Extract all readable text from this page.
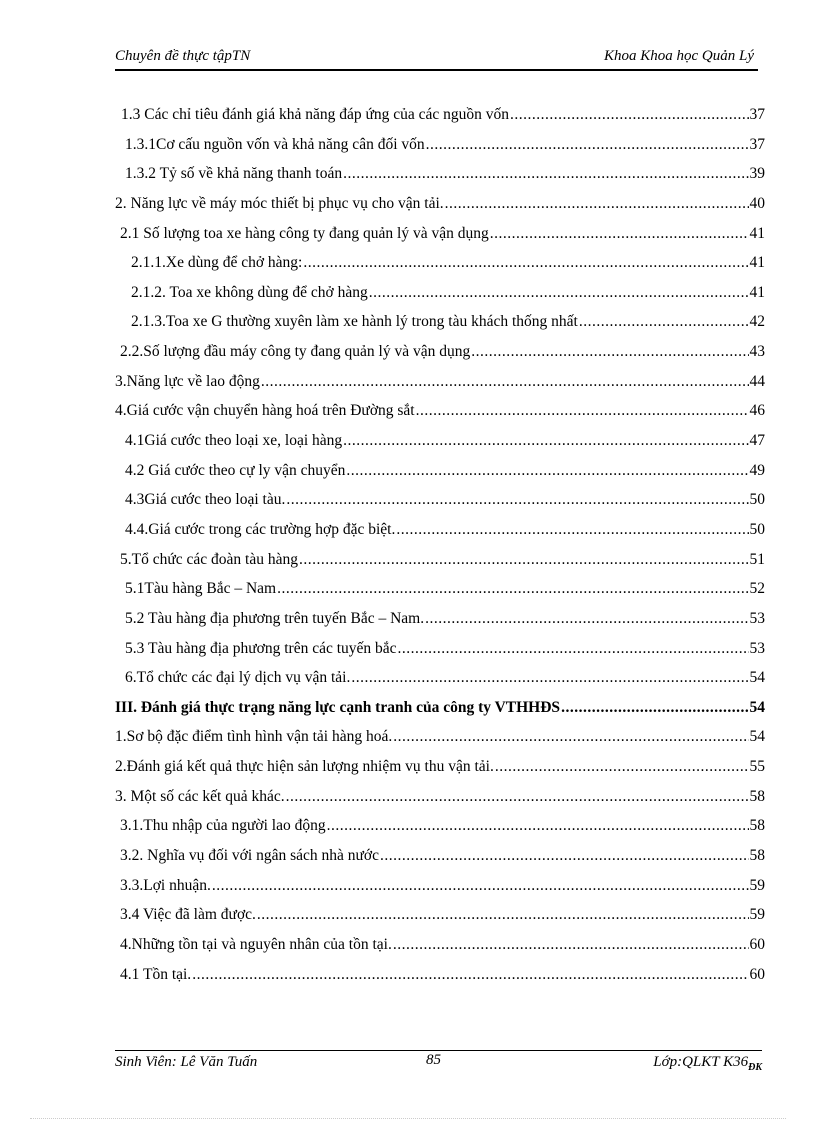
Chuyên đề thực tậpTN	Khoa Khoa học Quản Lý
1.3 Các chỉ tiêu đánh giá khả năng đáp ứng của các nguồn vốn .....	37
1.3.1Cơ cấu nguồn vốn và khả năng cân đối vốn .....	37
1.3.2 Tỷ số về khả năng thanh toán .....	39
2. Năng lực về máy móc thiết bị phục vụ cho vận tải. .....	40
2.1 Số lượng toa xe hàng công ty đang quản lý và vận dụng .....	41
2.1.1.Xe dùng để chở hàng: .....	41
2.1.2. Toa xe không dùng để chở hàng .....	41
2.1.3.Toa xe G thường xuyên làm xe hành lý trong tàu khách thống nhất .....	42
2.2.Số lượng đầu máy công ty đang quản lý và vận dụng .....	43
3.Năng lực về lao động .....	44
4.Giá cước vận chuyển hàng hoá trên Đường sắt .....	46
4.1Giá cước theo loại xe, loại hàng .....	47
4.2 Giá cước theo cự ly vận chuyển .....	49
4.3Giá cước theo loại tàu. .....	50
4.4.Giá cước trong các trường hợp đặc biệt. .....	50
5.Tổ chức các đoàn tàu hàng .....	51
5.1Tàu hàng Bắc – Nam .....	52
5.2 Tàu hàng địa phương trên tuyến Bắc – Nam. .....	53
5.3 Tàu hàng địa phương trên các tuyến bắc .....	53
6.Tổ chức các đại lý dịch vụ vận tải. .....	54
III. Đánh giá thực trạng năng lực cạnh tranh của công ty VTHHĐS .....	54
1.Sơ bộ đặc điểm tình hình vận tải hàng hoá. .....	54
2.Đánh giá kết quả thực hiện sản lượng nhiệm vụ thu vận tải. .....	55
3. Một số các kết quả khác. .....	58
3.1.Thu nhập của người lao động .....	58
3.2. Nghĩa vụ đối với ngân sách nhà nước .....	58
3.3.Lợi nhuận. .....	59
3.4 Việc đã làm được. .....	59
4.Những tồn tại và nguyên nhân của tồn tại. .....	60
4.1 Tồn tại. .....	60
Sinh Viên: Lê Văn Tuấn	85	Lớp:QLKT $K36_{ĐK}$
